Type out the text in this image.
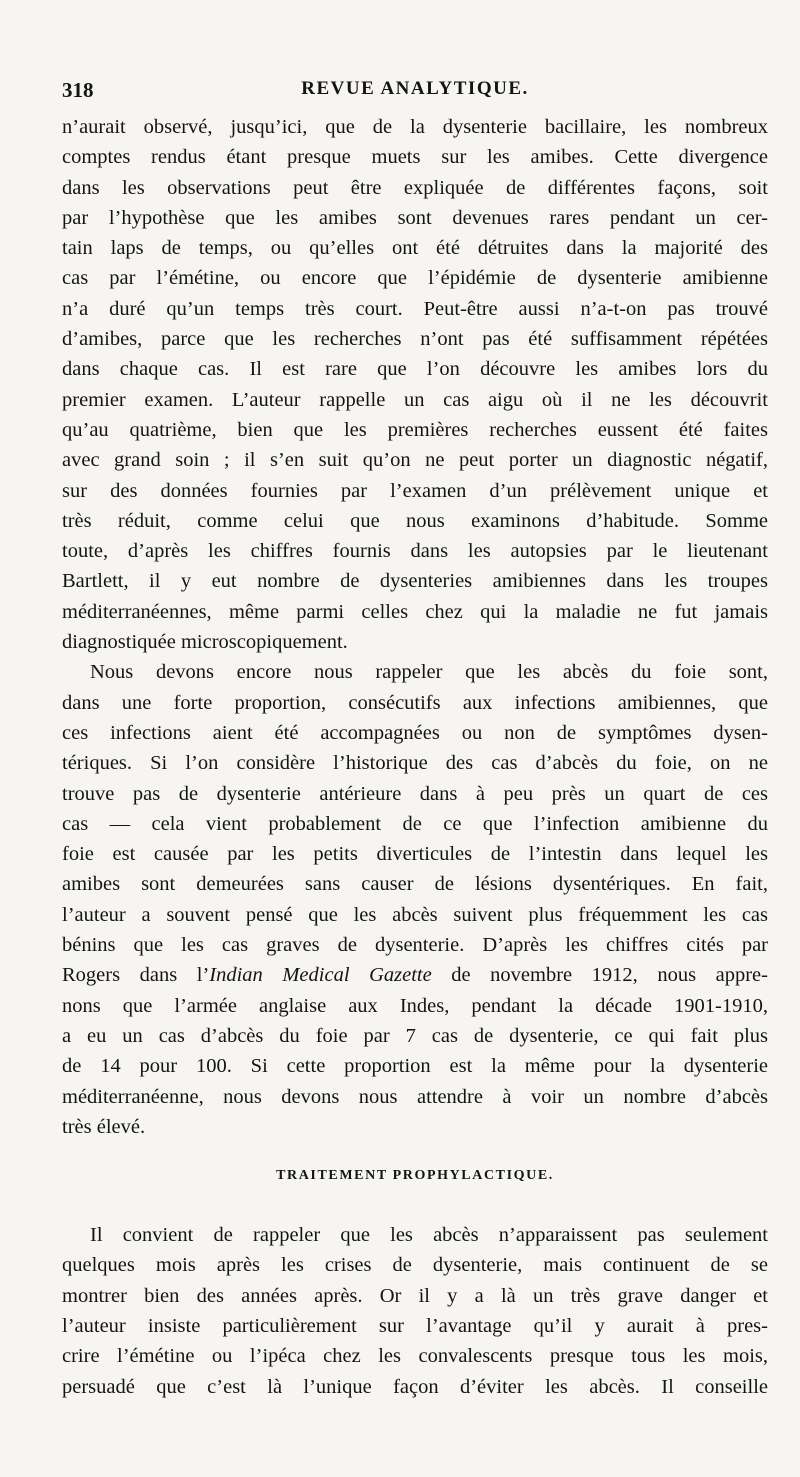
318	REVUE ANALYTIQUE.
n’aurait observé, jusqu’ici, que de la dysenterie bacillaire, les nombreux
comptes rendus étant presque muets sur les amibes. Cette divergence
dans les observations peut être expliquée de différentes façons, soit
par l’hypothèse que les amibes sont devenues rares pendant un cer-
tain laps de temps, ou qu’elles ont été détruites dans la majorité des
cas par l’émétine, ou encore que l’épidémie de dysenterie amibienne
n’a duré qu’un temps très court. Peut-être aussi n’a-t-on pas trouvé
d’amibes, parce que les recherches n’ont pas été suffisamment répétées
dans chaque cas. Il est rare que l’on découvre les amibes lors du
premier examen. L’auteur rappelle un cas aigu où il ne les découvrit
qu’au quatrième, bien que les premières recherches eussent été faites
avec grand soin ; il s’en suit qu’on ne peut porter un diagnostic négatif,
sur des données fournies par l’examen d’un prélèvement unique et
très réduit, comme celui que nous examinons d’habitude. Somme
toute, d’après les chiffres fournis dans les autopsies par le lieutenant
Bartlett, il y eut nombre de dysenteries amibiennes dans les troupes
méditerranéennes, même parmi celles chez qui la maladie ne fut jamais
diagnostiquée microscopiquement.
Nous devons encore nous rappeler que les abcès du foie sont,
dans une forte proportion, consécutifs aux infections amibiennes, que
ces infections aient été accompagnées ou non de symptômes dysen-
tériques. Si l’on considère l’historique des cas d’abcès du foie, on ne
trouve pas de dysenterie antérieure dans à peu près un quart de ces
cas — cela vient probablement de ce que l’infection amibienne du
foie est causée par les petits diverticules de l’intestin dans lequel les
amibes sont demeurées sans causer de lésions dysentériques. En fait,
l’auteur a souvent pensé que les abcès suivent plus fréquemment les cas
bénins que les cas graves de dysenterie. D’après les chiffres cités par
Rogers dans l’Indian Medical Gazette de novembre 1912, nous appre-
nons que l’armée anglaise aux Indes, pendant la décade 1901-1910,
a eu un cas d’abcès du foie par 7 cas de dysenterie, ce qui fait plus
de 14 pour 100. Si cette proportion est la même pour la dysenterie
méditerranéenne, nous devons nous attendre à voir un nombre d’abcès
très élevé.
TRAITEMENT PROPHYLACTIQUE.
Il convient de rappeler que les abcès n’apparaissent pas seulement
quelques mois après les crises de dysenterie, mais continuent de se
montrer bien des années après. Or il y a là un très grave danger et
l’auteur insiste particulièrement sur l’avantage qu’il y aurait à pres-
crire l’émétine ou l’ipéca chez les convalescents presque tous les mois,
persuadé que c’est là l’unique façon d’éviter les abcès. Il conseille
